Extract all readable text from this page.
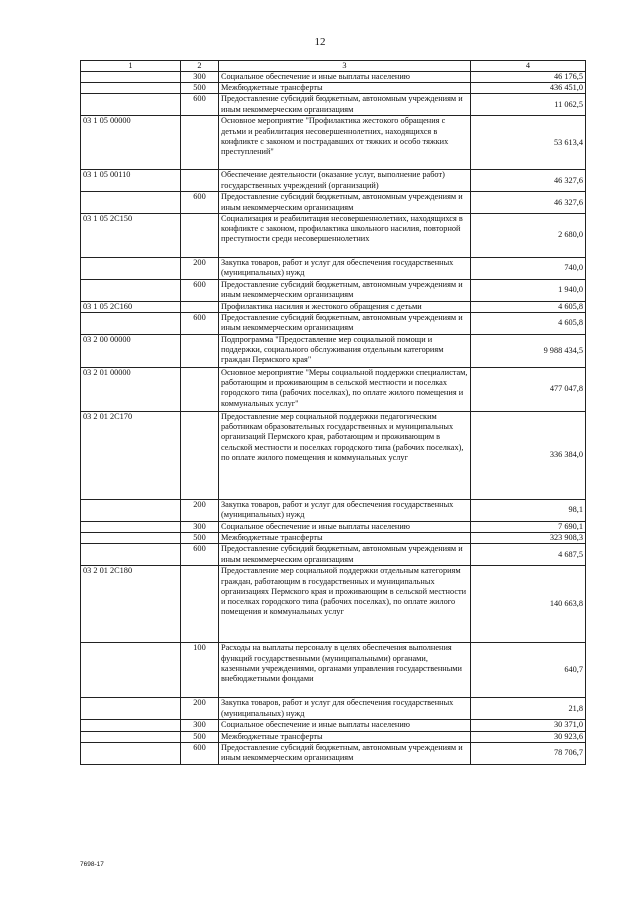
12
1	2	3	4
	300	Социальное обеспечение и иные выплаты населению	46 176,5
	500	Межбюджетные трансферты	436 451,0
	600	Предоставление субсидий бюджетным, автономным учреждениям и иным некоммерческим организациям	11 062,5
03 1 05 00000		Основное мероприятие "Профилактика жестокого обращения с детьми и реабилитация несовершеннолетних, находящихся в конфликте с законом и пострадавших от тяжких и особо тяжких преступлений"	53 613,4
03 1 05 00110		Обеспечение деятельности (оказание услуг, выполнение работ) государственных учреждений (организаций)	46 327,6
	600	Предоставление субсидий бюджетным, автономным учреждениям и иным некоммерческим организациям	46 327,6
03 1 05 2С150		Социализация и реабилитация несовершеннолетних, находящихся в конфликте с законом, профилактика школьного насилия, повторной преступности среди несовершеннолетних	2 680,0
	200	Закупка товаров, работ и услуг для обеспечения государственных (муниципальных) нужд	740,0
	600	Предоставление субсидий бюджетным, автономным учреждениям и иным некоммерческим организациям	1 940,0
03 1 05 2С160		Профилактика насилия и жестокого обращения с детьми	4 605,8
	600	Предоставление субсидий бюджетным, автономным учреждениям и иным некоммерческим организациям	4 605,8
03 2 00 00000		Подпрограмма "Предоставление мер социальной помощи и поддержки, социального обслуживания отдельным категориям граждан Пермского края"	9 988 434,5
03 2 01 00000		Основное мероприятие "Меры социальной поддержки специалистам, работающим и проживающим в сельской местности и поселках городского типа (рабочих поселках), по оплате жилого помещения и коммунальных услуг"	477 047,8
03 2 01 2С170		Предоставление мер социальной поддержки педагогическим работникам образовательных государственных и муниципальных организаций Пермского края, работающим и проживающим в сельской местности и поселках городского типа (рабочих поселках), по оплате жилого помещения и коммунальных услуг	336 384,0
	200	Закупка товаров, работ и услуг для обеспечения государственных (муниципальных) нужд	98,1
	300	Социальное обеспечение и иные выплаты населению	7 690,1
	500	Межбюджетные трансферты	323 908,3
	600	Предоставление субсидий бюджетным, автономным учреждениям и иным некоммерческим организациям	4 687,5
03 2 01 2С180		Предоставление мер социальной поддержки отдельным категориям граждан, работающим в государственных и муниципальных организациях Пермского края и проживающим в сельской местности и поселках городского типа (рабочих поселках), по оплате жилого помещения и коммунальных услуг	140 663,8
	100	Расходы на выплаты персоналу в целях обеспечения выполнения функций государственными (муниципальными) органами, казенными учреждениями, органами управления государственными внебюджетными фондами	640,7
	200	Закупка товаров, работ и услуг для обеспечения государственных (муниципальных) нужд	21,8
	300	Социальное обеспечение и иные выплаты населению	30 371,0
	500	Межбюджетные трансферты	30 923,6
	600	Предоставление субсидий бюджетным, автономным учреждениям и иным некоммерческим организациям	78 706,7
7698-17
